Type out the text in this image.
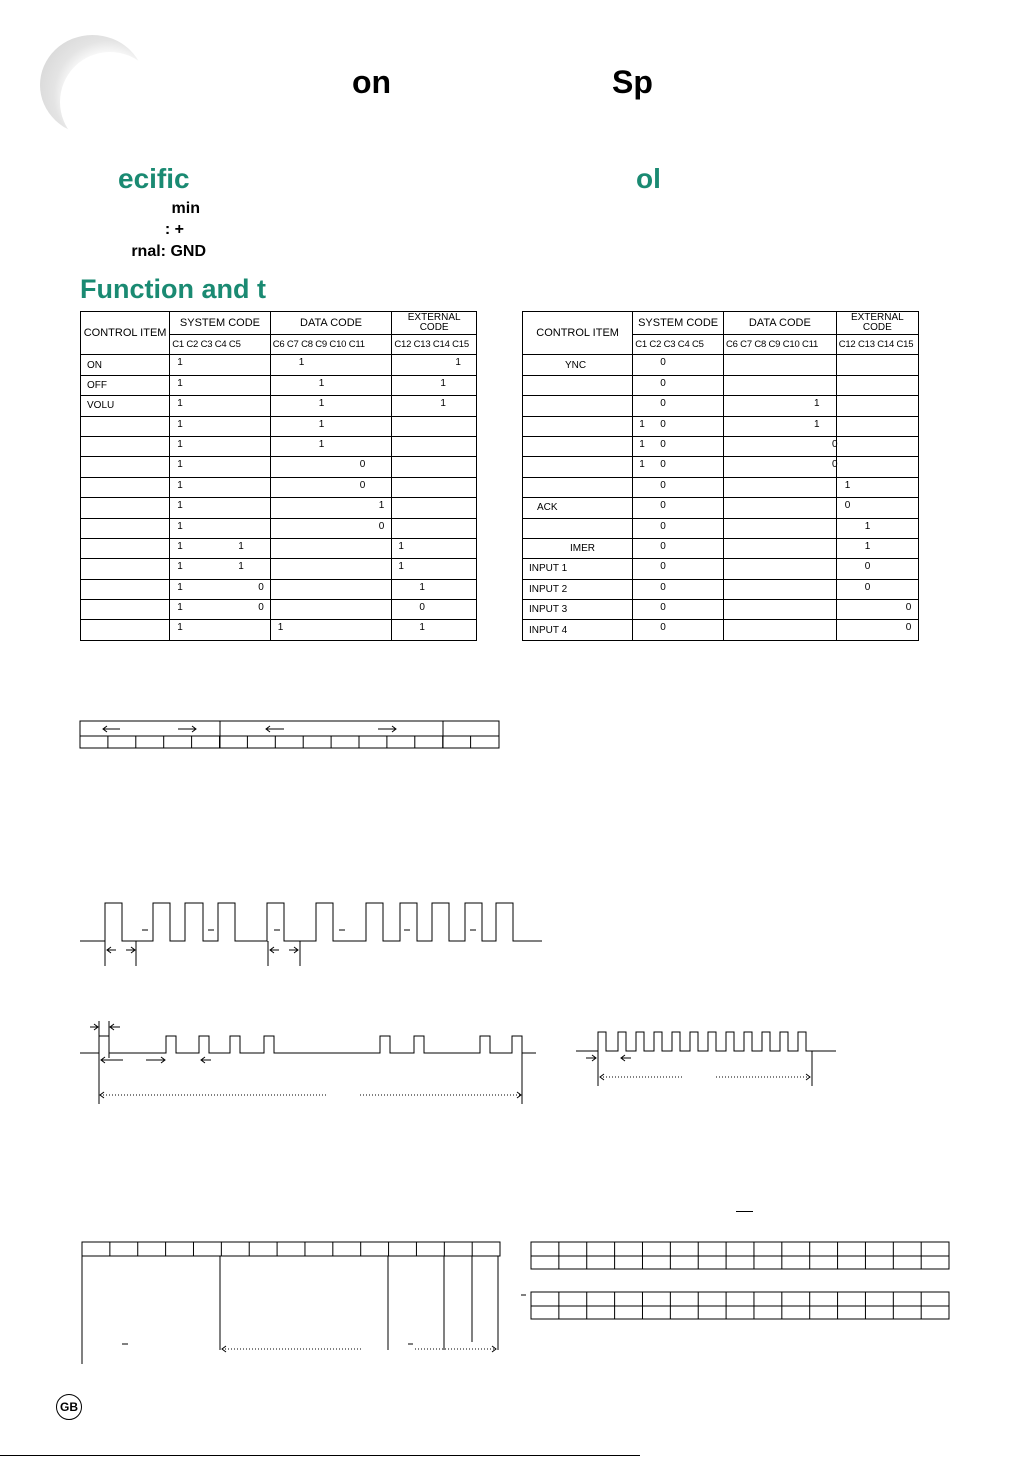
on	Sp
ecific	ol
min
: +
rnal: GND
Function and t
CONTROL ITEM	SYSTEM CODE	DATA CODE	EXTERNAL CODE
	C1 C2 C3 C4 C5	C6 C7 C8 C9 C10 C11	C12 C13 C14 C15
ON	1	1	1

OFF	1	1	1

VOLU	1	1	1

	1	1	

	1	1	

	1	0	

	1	0	

	1	1	

	1	0	

	1 1		1

	1 1		1

	1 0		1

	1 0		0

	1	1	1
CONTROL ITEM	SYSTEM CODE	DATA CODE	EXTERNAL CODE
	C1 C2 C3 C4 C5	C6 C7 C8 C9 C10 C11	C12 C13 C14 C15
YNC	0		

	0		

	0	1	

	1 0	1	

	1 0	0	

	1 0	0	

	0		1

ACK	0		0

	0		1

IMER	0		1

INPUT 1	0		0

INPUT 2	0		0

INPUT 3	0		0

INPUT 4	0		0
GB
